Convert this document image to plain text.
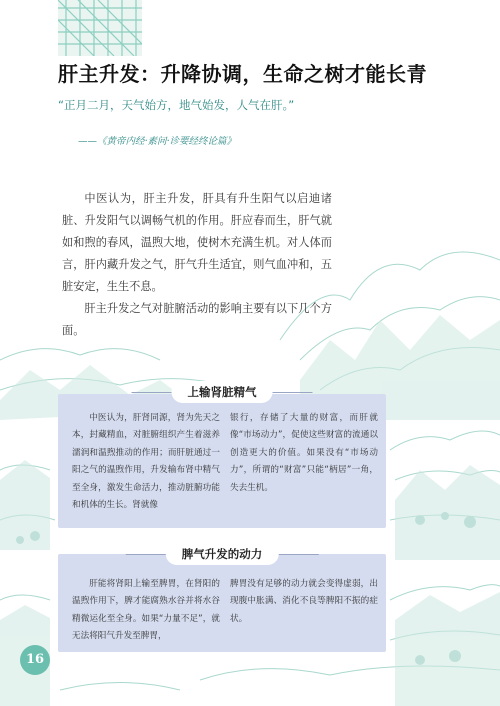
肝主升发：升降协调，生命之树才能长青
“正月二月，天气始方，地气始发，人气在肝。”
——《黄帝内经·素问·诊要经终论篇》

中医认为，肝主升发，肝具有升生阳气以启迪诸脏、升发阳气以调畅气机的作用。肝应春而生，肝气就如和煦的春风，温煦大地，使树木充满生机。对人体而言，肝内藏升发之气，肝气升生适宜，则气血冲和，五脏安定，生生不息。

肝主升发之气对脏腑活动的影响主要有以下几个方面。

上输肾脏精气
中医认为，肝肾同源，肾为先天之本，封藏精血，对脏腑组织产生着滋养濡润和温煦推动的作用；而肝脏通过一阳之气的温煦作用，升发输布肾中精气至全身，激发生命活力，推动脏腑功能和机体的生长。肾就像
银行，存储了大量的财富，而肝就像“市场动力”，促使这些财富的流通以创造更大的价值。如果没有“市场动力”，所谓的“财富”只能“柄居”一角，失去生机。
脾气升发的动力
肝能将肾阳上输至脾胃，在肾阳的温煦作用下，脾才能腐熟水谷并将水谷精微运化至全身。如果“力量不足”，就无法将阳气升发至脾胃，
脾胃没有足够的动力就会变得虚弱，出现腹中胀满、消化不良等脾阳不振的症状。
16
